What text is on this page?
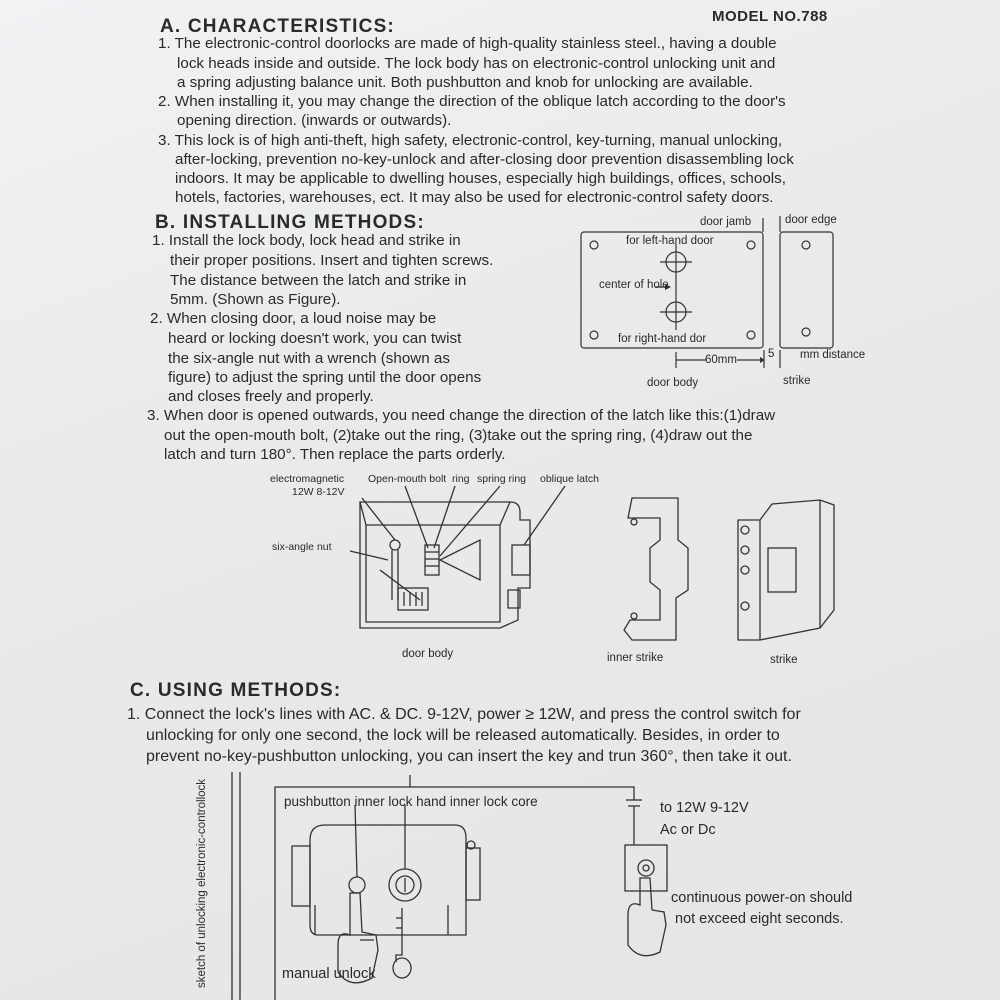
MODEL NO.788
A. CHARACTERISTICS:
1. The electronic-control doorlocks are made of high-quality stainless steel., having a double
lock heads inside and outside. The lock body has on electronic-control unlocking unit and
a spring adjusting balance unit. Both pushbutton and knob for unlocking are available.
2. When installing it, you may change the direction of the oblique latch according to the door's
opening direction. (inwards or outwards).
3. This lock is of high anti-theft, high safety, electronic-control, key-turning, manual unlocking,
after-locking, prevention no-key-unlock and after-closing door prevention disassembling lock
indoors. It may be applicable to dwelling houses, especially high buildings, offices, schools,
hotels, factories, warehouses, ect. It may also be used for electronic-control safety doors.
B. INSTALLING METHODS:
1. Install the lock body, lock head and strike in
their proper positions. Insert and tighten screws.
The distance between the latch and strike in
5mm. (Shown as Figure).
2. When closing door, a loud noise may be
heard or locking doesn't work, you can twist
the six-angle nut with a wrench (shown as
figure) to adjust the spring until the door opens
and closes freely and properly.
3. When door is opened outwards, you need change the direction of the latch like this:(1)draw
out the open-mouth bolt, (2)take out the ring, (3)take out the spring ring, (4)draw out the
latch and turn 180°. Then replace the parts orderly.
door jamb	door edge
for left-hand door
center of hole
for right-hand dor
60mm	5 mm distance
door body	strike
electromagnetic
12W 8-12V
Open-mouth bolt ring spring ring oblique latch
six-angle nut
door body	inner strike	strike
C. USING METHODS:
1. Connect the lock's lines with AC. & DC. 9-12V, power ≥ 12W, and press the control switch for
unlocking for only one second, the lock will be released automatically. Besides, in order to
prevent no-key-pushbutton unlocking, you can insert the key and trun 360°, then take it out.
sketch of unlocking electronic-controllock	pushbutton inner lock hand inner lock core	to 12W 9-12V
Ac or Dc
continuous power-on should
not exceed eight seconds.
manual unlock
